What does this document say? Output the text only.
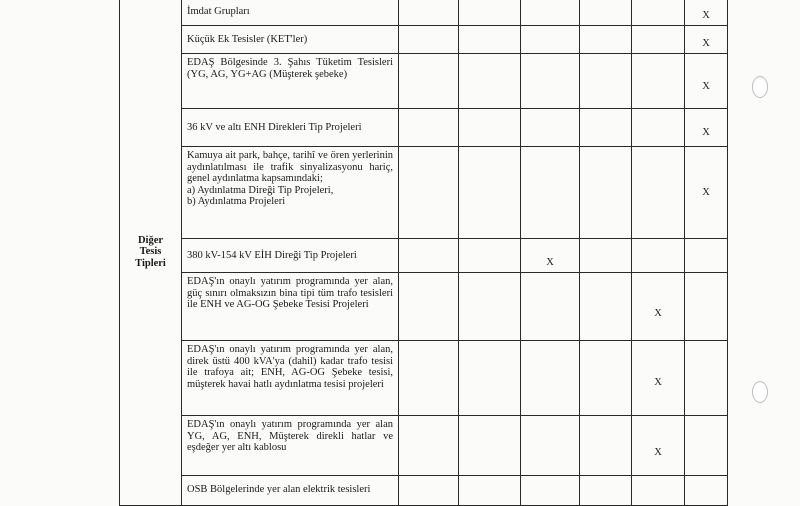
Diğer Tesis Tipleri	İmdat Grupları						X
	Küçük Ek Tesisler (KET'ler)						X
	EDAŞ Bölgesinde 3. Şahıs Tüketim Tesisleri (YG, AG, YG+AG (Müşterek şebeke)						X
	36 kV ve altı ENH Direkleri Tip Projeleri						X

	Kamuya ait park, bahçe, tarihî ve ören yerlerinin aydınlatılması ile trafik sinyalizasyonu hariç, genel aydınlatma kapsamındaki;
a) Aydınlatma Direği Tip Projeleri,
b) Aydınlatma Projeleri						X
	380 kV-154 kV EİH Direği Tip Projeleri			X			
	EDAŞ'ın onaylı yatırım programında yer alan, güç sınırı olmaksızın bina tipi tüm trafo tesisleri ile ENH ve AG-OG Şebeke Tesisi Projeleri					X	
	EDAŞ'ın onaylı yatırım programında yer alan, direk üstü 400 kVA'ya (dahil) kadar trafo tesisi ile trafoya ait; ENH, AG-OG Şebeke tesisi, müşterek havai hatlı aydınlatma tesisi projeleri					X	
	EDAŞ'ın onaylı yatırım programında yer alan YG, AG, ENH, Müşterek direkli hatlar ve eşdeğer yer altı kablosu					X	
	OSB Bölgelerinde yer alan elektrik tesisleri						
